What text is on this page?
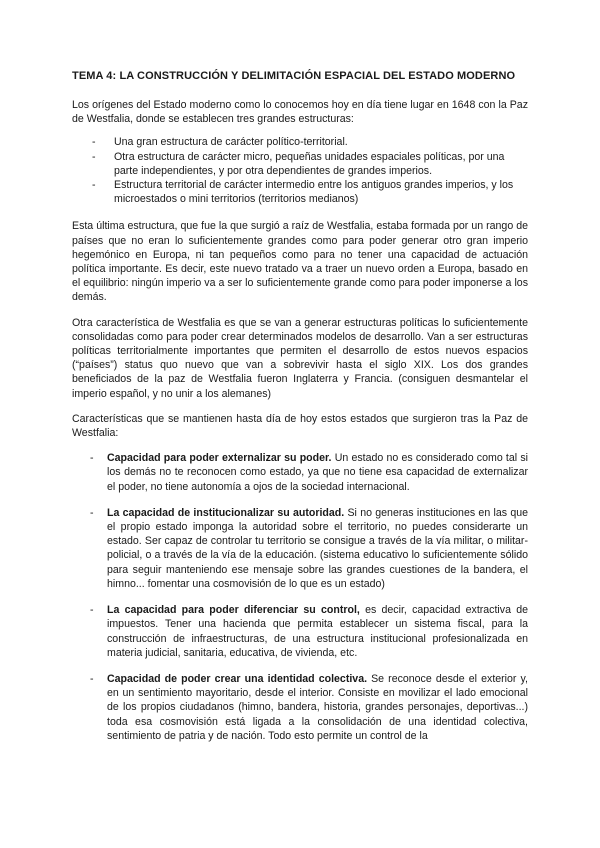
TEMA 4: LA CONSTRUCCIÓN Y DELIMITACIÓN ESPACIAL DEL ESTADO MODERNO

Los orígenes del Estado moderno como lo conocemos hoy en día tiene lugar en 1648 con la Paz de Westfalia, donde se establecen tres grandes estructuras:

- Una gran estructura de carácter político-territorial.
- Otra estructura de carácter micro, pequeñas unidades espaciales políticas, por una parte independientes, y por otra dependientes de grandes imperios.
- Estructura territorial de carácter intermedio entre los antiguos grandes imperios, y los microestados o mini territorios (territorios medianos)

Esta última estructura, que fue la que surgió a raíz de Westfalia, estaba formada por un rango de países que no eran lo suficientemente grandes como para poder generar otro gran imperio hegemónico en Europa, ni tan pequeños como para no tener una capacidad de actuación política importante. Es decir, este nuevo tratado va a traer un nuevo orden a Europa, basado en el equilibrio: ningún imperio va a ser lo suficientemente grande como para poder imponerse a los demás.

Otra característica de Westfalia es que se van a generar estructuras políticas lo suficientemente consolidadas como para poder crear determinados modelos de desarrollo. Van a ser estructuras políticas territorialmente importantes que permiten el desarrollo de estos nuevos espacios (“países”) status quo nuevo que van a sobrevivir hasta el siglo XIX. Los dos grandes beneficiados de la paz de Westfalia fueron Inglaterra y Francia. (consiguen desmantelar el imperio español, y no unir a los alemanes)

Características que se mantienen hasta día de hoy estos estados que surgieron tras la Paz de Westfalia:

- Capacidad para poder externalizar su poder. Un estado no es considerado como tal si los demás no te reconocen como estado, ya que no tiene esa capacidad de externalizar el poder, no tiene autonomía a ojos de la sociedad internacional.
- La capacidad de institucionalizar su autoridad. Si no generas instituciones en las que el propio estado imponga la autoridad sobre el territorio, no puedes considerarte un estado. Ser capaz de controlar tu territorio se consigue a través de la vía militar, o militar-policial, o a través de la vía de la educación. (sistema educativo lo suficientemente sólido para seguir manteniendo ese mensaje sobre las grandes cuestiones de la bandera, el himno... fomentar una cosmovisión de lo que es un estado)
- La capacidad para poder diferenciar su control, es decir, capacidad extractiva de impuestos. Tener una hacienda que permita establecer un sistema fiscal, para la construcción de infraestructuras, de una estructura institucional profesionalizada en materia judicial, sanitaria, educativa, de vivienda, etc.
- Capacidad de poder crear una identidad colectiva. Se reconoce desde el exterior y, en un sentimiento mayoritario, desde el interior. Consiste en movilizar el lado emocional de los propios ciudadanos (himno, bandera, historia, grandes personajes, deportivas...) toda esa cosmovisión está ligada a la consolidación de una identidad colectiva, sentimiento de patria y de nación. Todo esto permite un control de la
